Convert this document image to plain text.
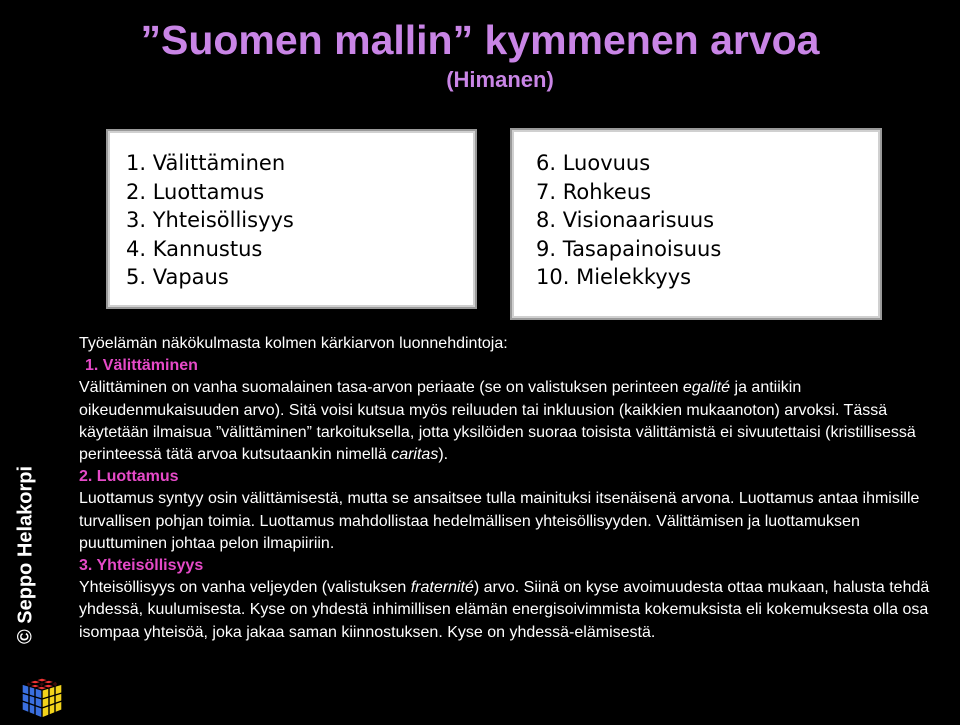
”Suomen mallin” kymmenen arvoa
(Himanen)
1. Välittäminen
2. Luottamus
3. Yhteisöllisyys
4. Kannustus
5. Vapaus
6. Luovuus
7. Rohkeus
8. Visionaarisuus
9. Tasapainoisuus
10. Mielekkyys

Työelämän näkökulmasta kolmen kärkiarvon luonnehdintoja:

1. Välittäminen

Välittäminen on vanha suomalainen tasa-arvon periaate (se on valistuksen perinteen egalité ja antiikin oikeudenmukaisuuden arvo). Sitä voisi kutsua myös reiluuden tai inkluusion (kaikkien mukaanoton) arvoksi. Tässä käytetään ilmaisua ”välittäminen” tarkoituksella, jotta yksilöiden suoraa toisista välittämistä ei sivuutettaisi (kristillisessä perinteessä tätä arvoa kutsutaankin nimellä caritas).

2. Luottamus

Luottamus syntyy osin välittämisestä, mutta se ansaitsee tulla mainituksi itsenäisenä arvona. Luottamus antaa ihmisille turvallisen pohjan toimia. Luottamus mahdollistaa hedelmällisen yhteisöllisyyden. Välittämisen ja luottamuksen puuttuminen johtaa pelon ilmapiiriin.

3. Yhteisöllisyys

Yhteisöllisyys on vanha veljeyden (valistuksen fraternité) arvo. Siinä on kyse avoimuudesta ottaa mukaan, halusta tehdä yhdessä, kuulumisesta. Kyse on yhdestä inhimillisen elämän energisoivimmista kokemuksista eli kokemuksesta olla osa isompaa yhteisöä, joka jakaa saman kiinnostuksen. Kyse on yhdessä-elämisestä.

© Seppo Helakorpi
